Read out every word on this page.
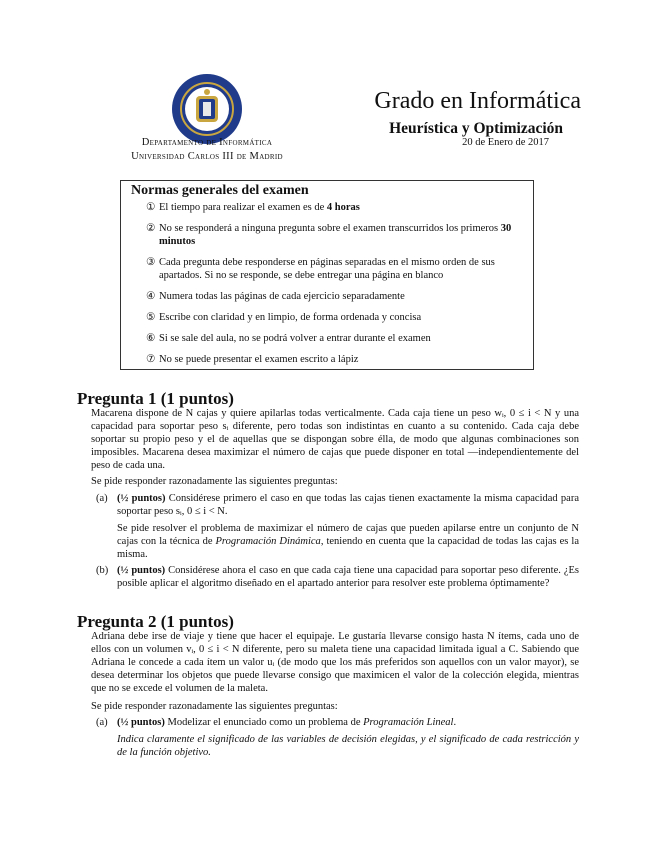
Departamento de Informática
Universidad Carlos III de Madrid
Grado en Informática
Heurística y Optimización
20 de Enero de 2017
Normas generales del examen
① El tiempo para realizar el examen es de 4 horas
② No se responderá a ninguna pregunta sobre el examen transcurridos los primeros 30 minutos
③ Cada pregunta debe responderse en páginas separadas en el mismo orden de sus apartados. Si no se responde, se debe entregar una página en blanco
④ Numera todas las páginas de cada ejercicio separadamente
⑤ Escribe con claridad y en limpio, de forma ordenada y concisa
⑥ Si se sale del aula, no se podrá volver a entrar durante el examen
⑦ No se puede presentar el examen escrito a lápiz
Pregunta 1 (1 puntos)
Macarena dispone de N cajas y quiere apilarlas todas verticalmente. Cada caja tiene un peso wᵢ, 0 ≤ i < N y una capacidad para soportar peso sᵢ diferente, pero todas son indistintas en cuanto a su contenido. Cada caja debe soportar su propio peso y el de aquellas que se dispongan sobre élla, de modo que algunas combinaciones son imposibles. Macarena desea maximizar el número de cajas que puede disponer en total —independientemente del peso de cada una.
Se pide responder razonadamente las siguientes preguntas:
(a) (½ puntos) Considérese primero el caso en que todas las cajas tienen exactamente la misma capacidad para soportar peso sᵢ, 0 ≤ i < N.

Se pide resolver el problema de maximizar el número de cajas que pueden apilarse entre un conjunto de N cajas con la técnica de Programación Dinámica, teniendo en cuenta que la capacidad de todas las cajas es la misma.

(b) (½ puntos) Considérese ahora el caso en que cada caja tiene una capacidad para soportar peso diferente. ¿Es posible aplicar el algoritmo diseñado en el apartado anterior para resolver este problema óptimamente?

Pregunta 2 (1 puntos)
Adriana debe irse de viaje y tiene que hacer el equipaje. Le gustaría llevarse consigo hasta N ítems, cada uno de ellos con un volumen vᵢ, 0 ≤ i < N diferente, pero su maleta tiene una capacidad limitada igual a C. Sabiendo que Adriana le concede a cada ítem un valor uᵢ (de modo que los más preferidos son aquellos con un valor mayor), se desea determinar los objetos que puede llevarse consigo que maximicen el valor de la colección elegida, mientras que no se excede el volumen de la maleta.
Se pide responder razonadamente las siguientes preguntas:
(a) (½ puntos) Modelizar el enunciado como un problema de Programación Lineal.

Indica claramente el significado de las variables de decisión elegidas, y el significado de cada restricción y de la función objetivo.
